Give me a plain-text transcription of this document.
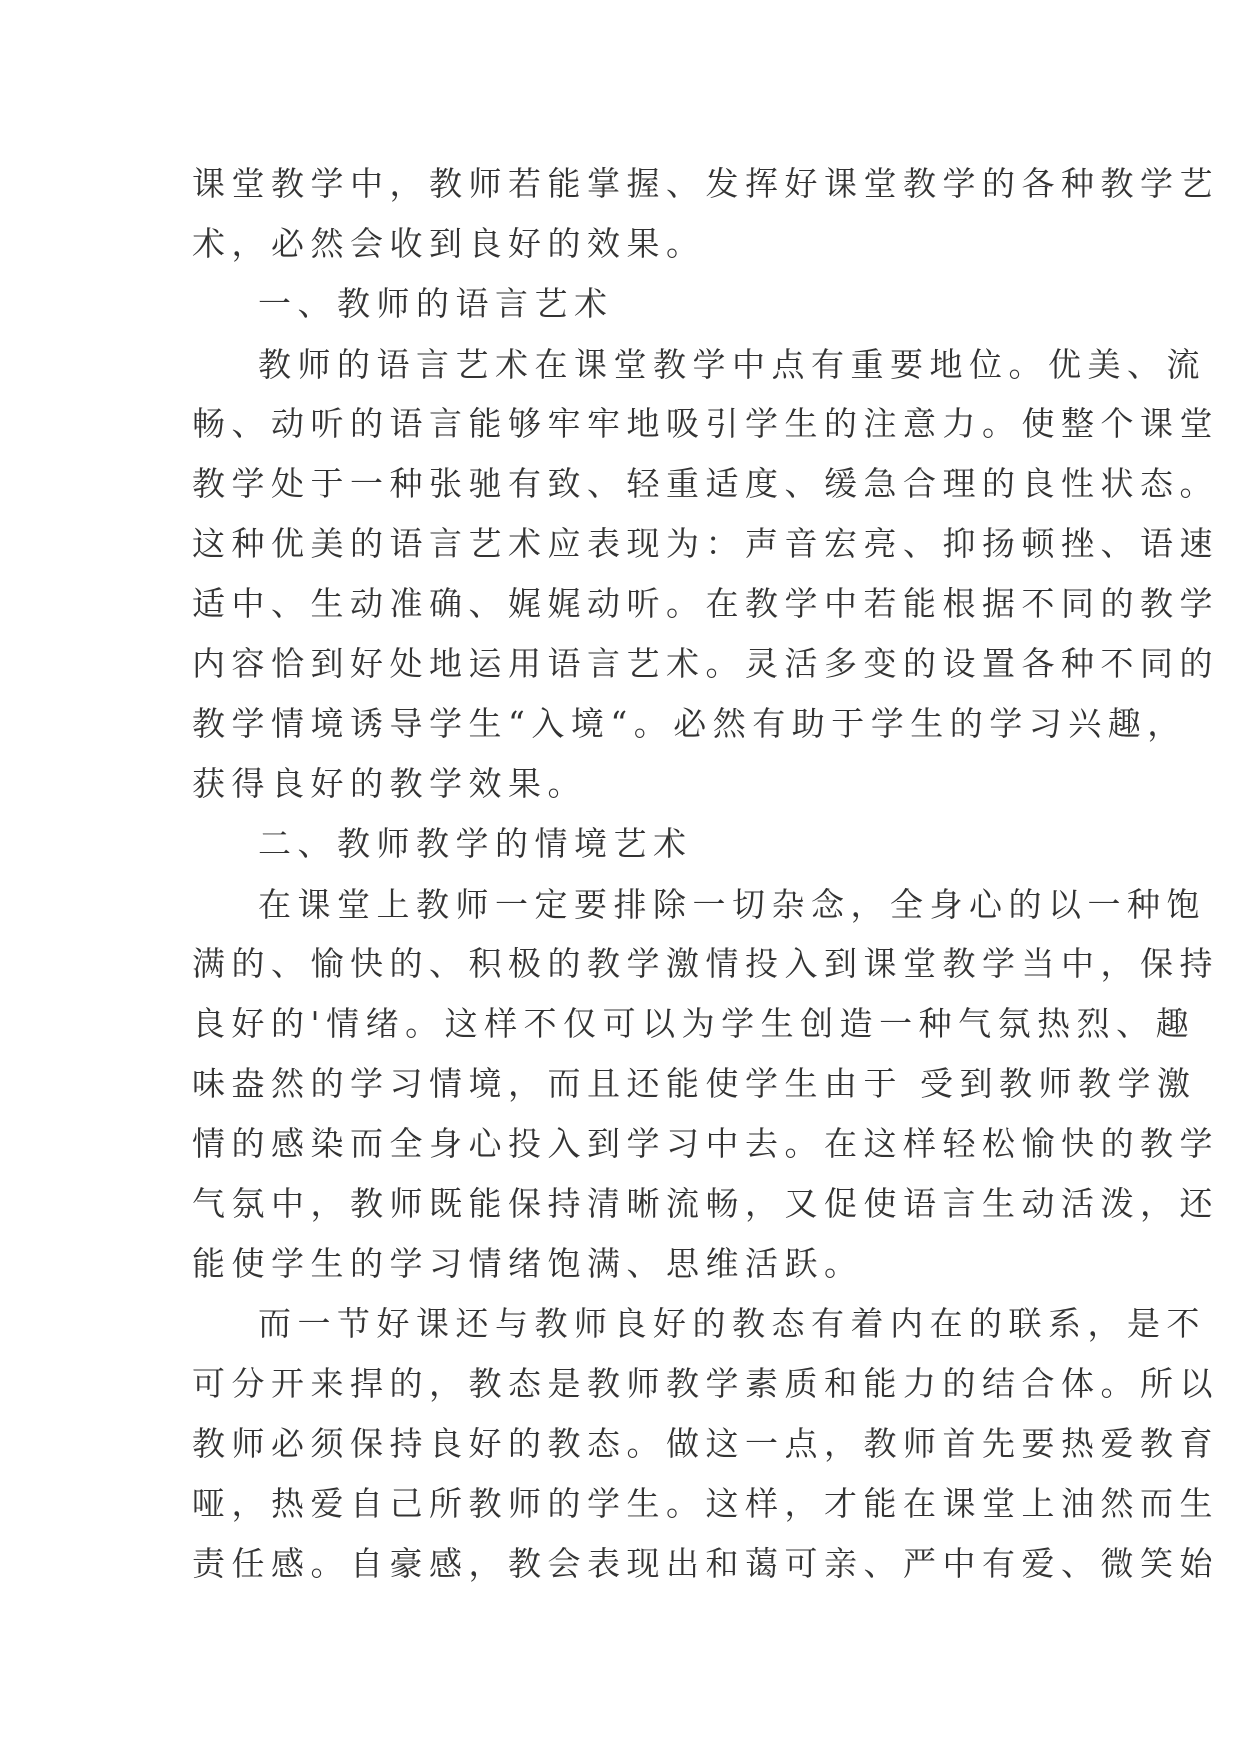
课堂教学中，教师若能掌握、发挥好课堂教学的各种教学艺
术，必然会收到良好的效果。
一、教师的语言艺术
教师的语言艺术在课堂教学中点有重要地位。优美、流
畅、动听的语言能够牢牢地吸引学生的注意力。使整个课堂
教学处于一种张驰有致、轻重适度、缓急合理的良性状态。
这种优美的语言艺术应表现为：声音宏亮、抑扬顿挫、语速
适中、生动准确、娓娓动听。在教学中若能根据不同的教学
内容恰到好处地运用语言艺术。灵活多变的设置各种不同的
教学情境诱导学生“入境“。必然有助于学生的学习兴趣，
获得良好的教学效果。
二、教师教学的情境艺术
在课堂上教师一定要排除一切杂念，全身心的以一种饱
满的、愉快的、积极的教学激情投入到课堂教学当中，保持
良好的'情绪。这样不仅可以为学生创造一种气氛热烈、趣
味盎然的学习情境，而且还能使学生由于 受到教师教学激
情的感染而全身心投入到学习中去。在这样轻松愉快的教学
气氛中，教师既能保持清晰流畅，又促使语言生动活泼，还
能使学生的学习情绪饱满、思维活跃。
而一节好课还与教师良好的教态有着内在的联系，是不
可分开来捍的，教态是教师教学素质和能力的结合体。所以
教师必须保持良好的教态。做这一点，教师首先要热爱教育
哑，热爱自己所教师的学生。这样，才能在课堂上油然而生
责任感。自豪感，教会表现出和蔼可亲、严中有爱、微笑始
